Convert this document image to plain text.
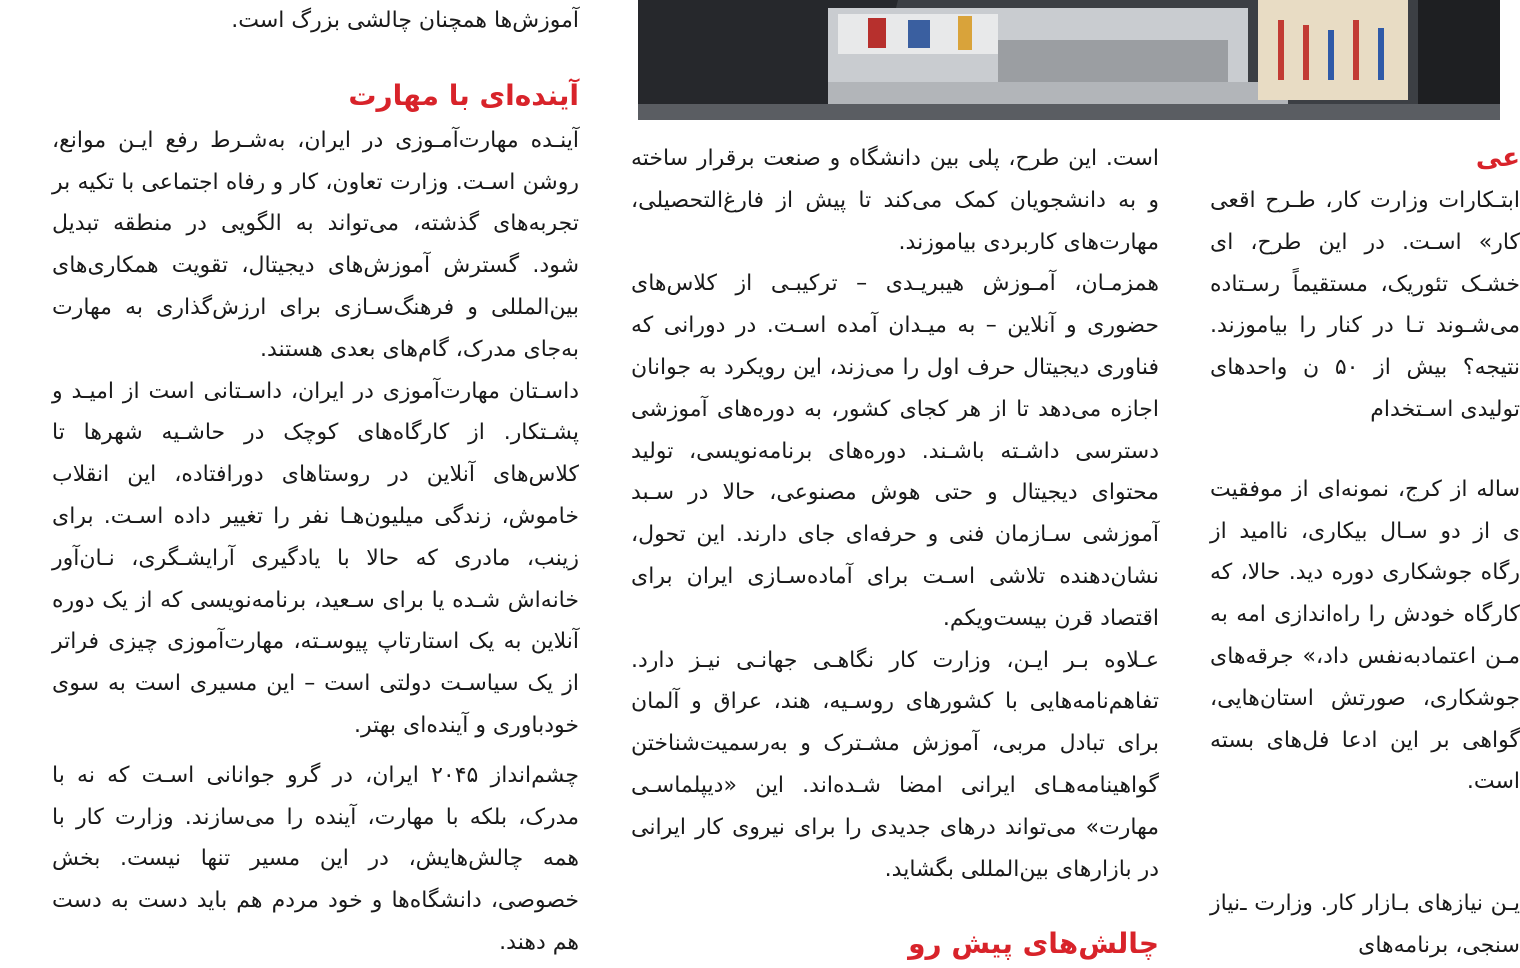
آموزش‌ها همچنان چالشی بزرگ است.

آینده‌ای با مهارت

آینـده مهارت‌آمـوزی در ایران، به‌شـرط رفع ایـن موانع، روشن اسـت. وزارت تعاون، کار و رفاه اجتماعی با تکیه بر تجربه‌های گذشته، می‌تواند به الگویی در منطقه تبدیل شود. گسترش آموزش‌های دیجیتال، تقویت همکاری‌های بین‌المللی و فرهنگ‌سـازی برای ارزش‌گذاری به مهارت به‌جای مدرک، گام‌های بعدی هستند.

داسـتان مهارت‌آموزی در ایران، داسـتانی است از امیـد و پشـتکار. از کارگاه‌های کوچک در حاشـیه شهرها تا کلاس‌های آنلاین در روستاهای دورافتاده، این انقلاب خاموش، زندگی میلیون‌هـا نفر را تغییر داده اسـت. برای زینب، مادری که حالا با یادگیری آرایشـگری، نـان‌آور خانه‌اش شـده یا برای سـعید، برنامه‌نویسی که از یک دوره آنلاین به یک استارتاپ پیوسـته، مهارت‌آموزی چیزی فراتر از یک سیاسـت دولتی است – این مسیری است به سوی خودباوری و آینده‌ای بهتر.

چشم‌انداز ۲۰۴۵ ایران، در گرو جوانانی اسـت که نه با مدرک، بلکه با مهارت، آینده را می‌سازند. وزارت کار با همه چالش‌هایش، در این مسیر تنها نیست. بخش خصوصی، دانشگاه‌ها و خود مردم هم باید دست به دست هم دهند.

است. این طرح، پلی بین دانشگاه و صنعت برقرار ساخته و به دانشجویان کمک می‌کند تا پیش از فارغ‌التحصیلی، مهارت‌های کاربردی بیاموزند.

همزمـان، آمـوزش هیبریـدی – ترکیبـی از کلاس‌های حضوری و آنلاین – به میـدان آمده اسـت. در دورانی که فناوری دیجیتال حرف اول را می‌زند، این رویکرد به جوانان اجازه می‌دهد تا از هر کجای کشور، به دوره‌های آموزشی دسترسی داشـته باشـند. دوره‌های برنامه‌نویسی، تولید محتوای دیجیتال و حتی هوش مصنوعی، حالا در سـبد آموزشی سـازمان فنی و حرفه‌ای جای دارند. این تحول، نشان‌دهنده تلاشی اسـت برای آماده‌سـازی ایران برای اقتصاد قرن بیست‌ویکم.

عـلاوه بـر ایـن، وزارت کار نگاهـی جهانـی نیـز دارد. تفاهم‌نامه‌هایی با کشورهای روسـیه، هند، عراق و آلمان برای تبادل مربی، آموزش مشـترک و به‌رسمیت‌شناختن گواهینامه‌هـای ایرانی امضا شـده‌اند. این «دیپلماسـی مهارت» می‌تواند درهای جدیدی را برای نیروی کار ایرانی در بازارهای بین‌المللی بگشاید.

چالش‌های پیش رو

عی

ابتـکارات وزارت کار، طـرح اقعی کار» اسـت. در این طرح، ای خشـک تئوریک، مستقیماً ‌رسـتاده می‌شـوند تـا در کنار را بیاموزند. نتیجه؟ بیش از ۵۰ ن واحدهای تولیدی اسـتخدام

ساله از کرج، نمونه‌ای از موفقیت ی از دو سـال بیکاری، ناامید از رگاه جوشکاری دوره دید. حالا، که کارگاه خودش را راه‌اندازی امه به مـن اعتمادبه‌نفس داد،» جرقه‌های جوشکاری، صورتش استان‌هایی، گواهی بر این ادعا فل‌های بسته است.

یـن نیازهای بـازار کار. وزارت ـ‌نیاز سنجی، برنامه‌های
